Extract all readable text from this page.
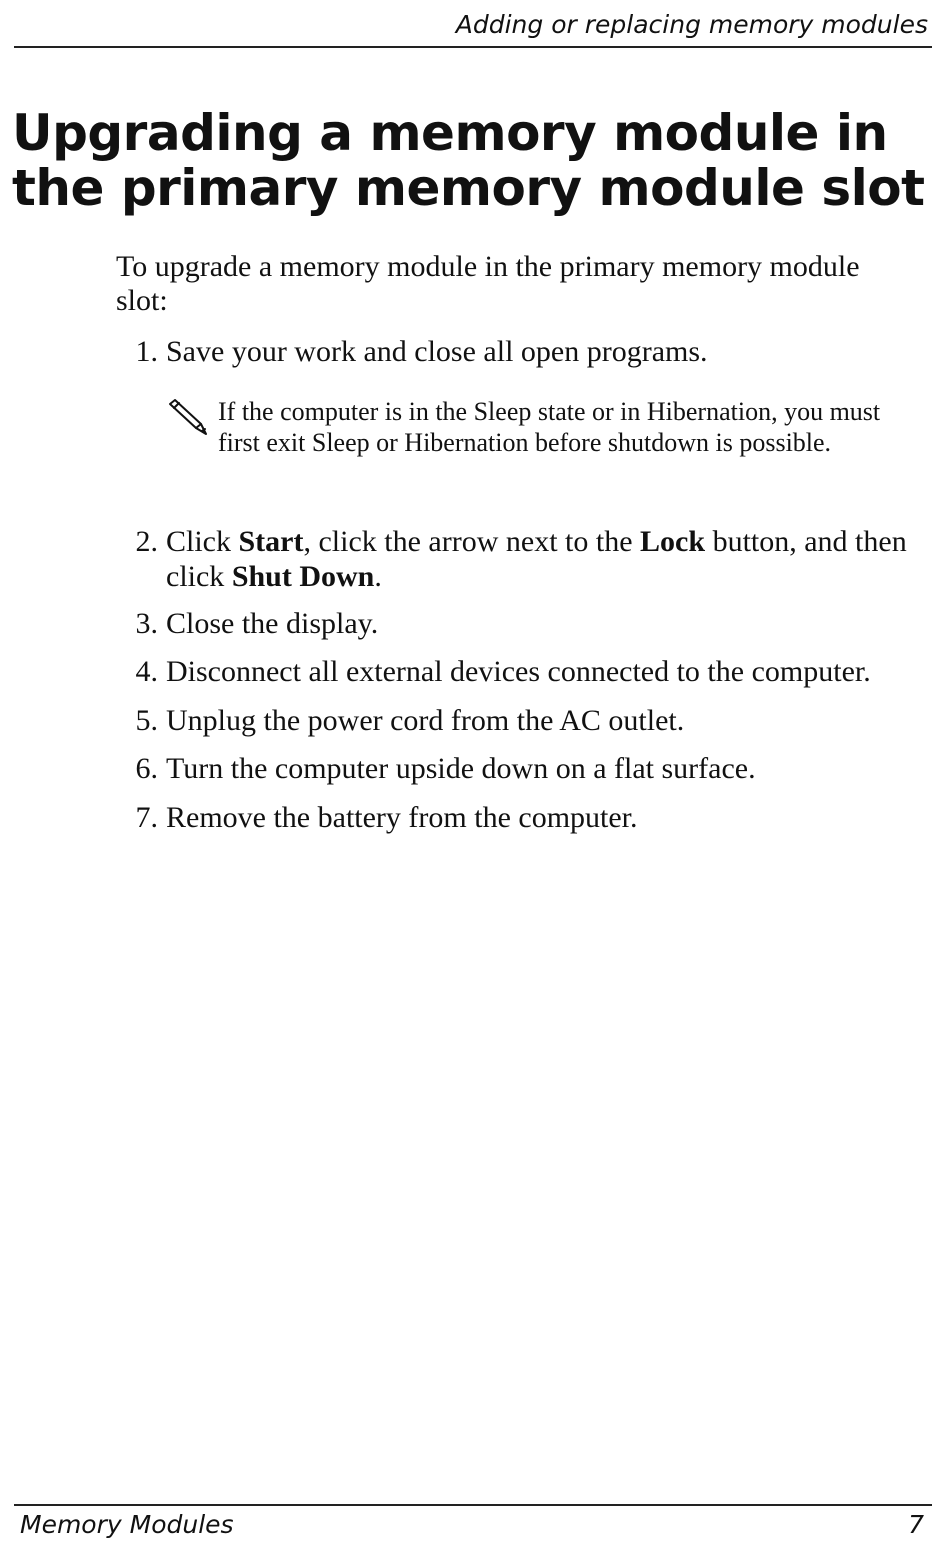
Adding or replacing memory modules
Upgrading a memory module in the primary memory module slot

To upgrade a memory module in the primary memory module slot:

1. Save your work and close all open programs.
If the computer is in the Sleep state or in Hibernation, you must first exit Sleep or Hibernation before shutdown is possible.
2. Click Start, click the arrow next to the Lock button, and then click Shut Down.
3. Close the display.
4. Disconnect all external devices connected to the computer.
5. Unplug the power cord from the AC outlet.
6. Turn the computer upside down on a flat surface.
7. Remove the battery from the computer.
Memory Modules	7
